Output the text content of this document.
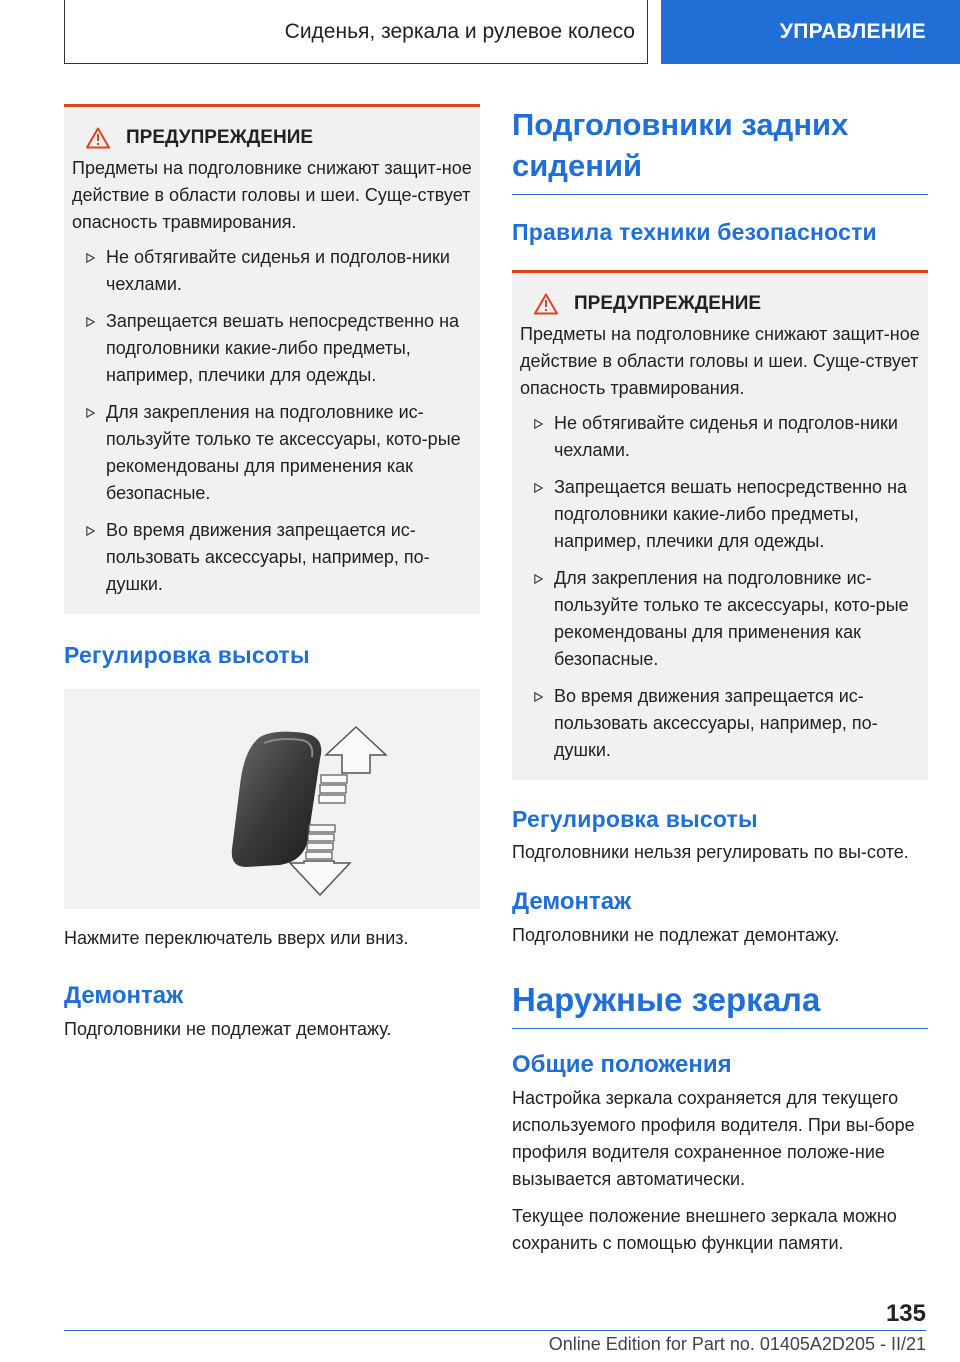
Сиденья, зеркала и рулевое колесо	УПРАВЛЕНИЕ
ПРЕДУПРЕЖДЕНИЕ

Предметы на подголовнике снижают защит-ное действие в области головы и шеи. Суще-ствует опасность травмирования.

Не обтягивайте сиденья и подголов-ники чехлами.
Запрещается вешать непосредственно на подголовники какие-либо предметы, например, плечики для одежды.
Для закрепления на подголовнике ис-пользуйте только те аксессуары, кото-рые рекомендованы для применения как безопасные.
Во время движения запрещается ис-пользовать аксессуары, например, по-душки.
Регулировка высоты

Нажмите переключатель вверх или вниз.

Демонтаж

Подголовники не подлежат демонтажу.

Подголовники задних сидений
Правила техники безопасности
ПРЕДУПРЕЖДЕНИЕ

Предметы на подголовнике снижают защит-ное действие в области головы и шеи. Суще-ствует опасность травмирования.

Не обтягивайте сиденья и подголов-ники чехлами.
Запрещается вешать непосредственно на подголовники какие-либо предметы, например, плечики для одежды.
Для закрепления на подголовнике ис-пользуйте только те аксессуары, кото-рые рекомендованы для применения как безопасные.
Во время движения запрещается ис-пользовать аксессуары, например, по-душки.
Регулировка высоты

Подголовники нельзя регулировать по вы-соте.

Демонтаж

Подголовники не подлежат демонтажу.

Наружные зеркала
Общие положения

Настройка зеркала сохраняется для текущего используемого профиля водителя. При вы-боре профиля водителя сохраненное положе-ние вызывается автоматически.

Текущее положение внешнего зеркала можно сохранить с помощью функции памяти.

135
Online Edition for Part no. 01405A2D205 - II/21
